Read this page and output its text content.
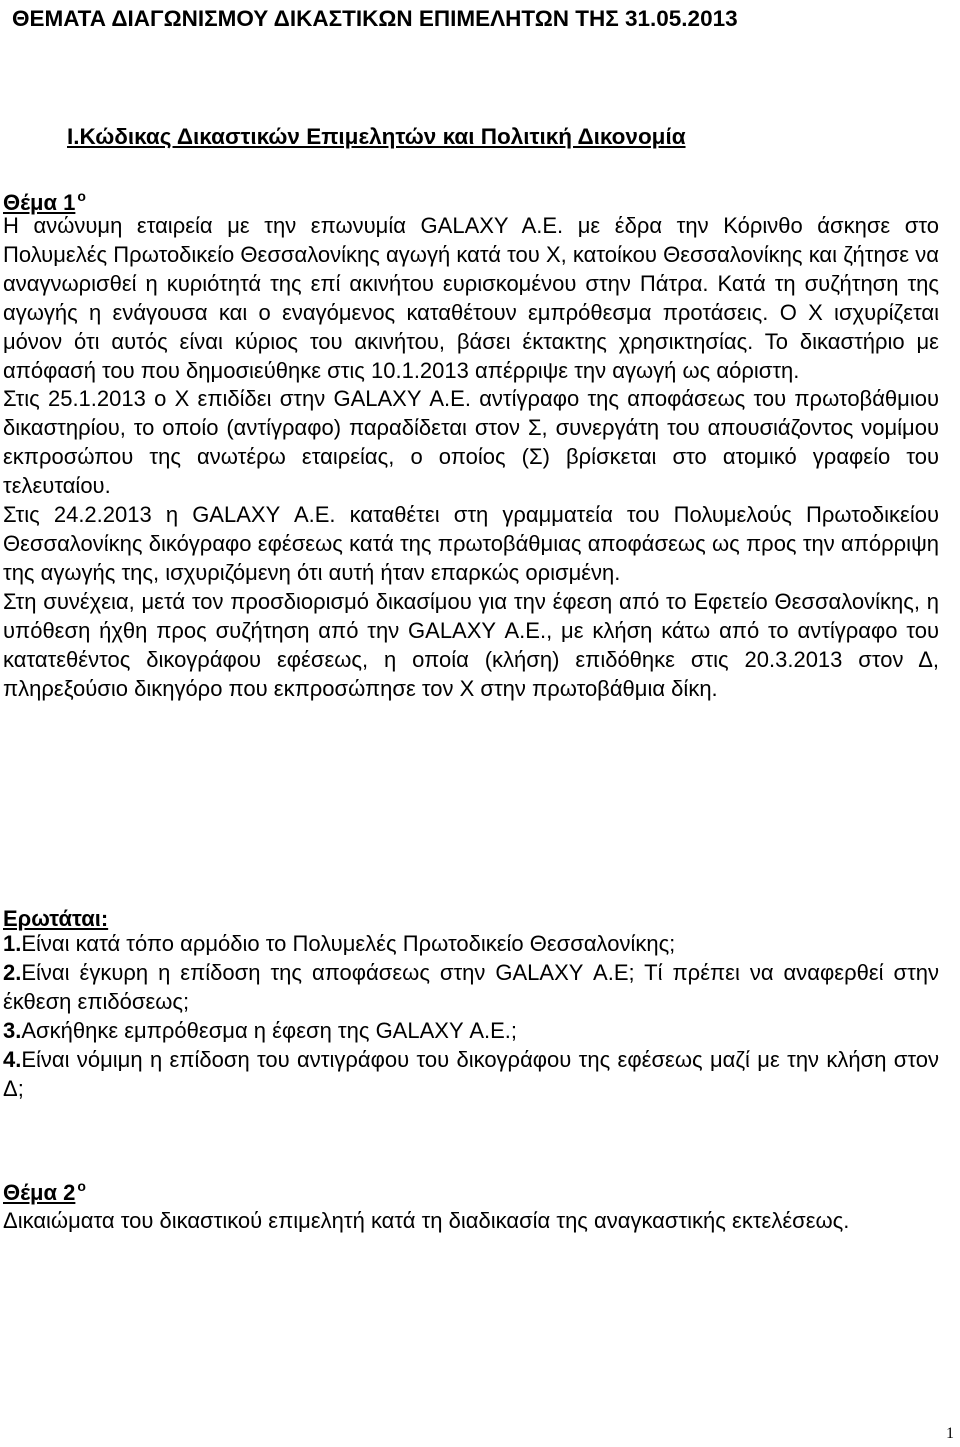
ΘΕΜΑΤΑ ΔΙΑΓΩΝΙΣΜΟΥ ΔΙΚΑΣΤΙΚΩΝ ΕΠΙΜΕΛΗΤΩΝ ΤΗΣ 31.05.2013
I.Κώδικας Δικαστικών Επιμελητών και Πολιτική Δικονομία
Θέμα 1 $^o$

Η ανώνυμη εταιρεία με την επωνυμία GALAXY A.E. με έδρα την Κόρινθο άσκησε στο Πολυμελές Πρωτοδικείο Θεσσαλονίκης αγωγή κατά του Χ, κατοίκου Θεσσαλονίκης και ζήτησε να αναγνωρισθεί η κυριότητά της επί ακινήτου ευρισκομένου στην Πάτρα. Κατά τη συζήτηση της αγωγής η ενάγουσα και ο εναγόμενος καταθέτουν εμπρόθεσμα προτάσεις. Ο Χ ισχυρίζεται μόνον ότι αυτός είναι κύριος του ακινήτου, βάσει έκτακτης χρησικτησίας. Το δικαστήριο με απόφασή του που δημοσιεύθηκε στις 10.1.2013 απέρριψε την αγωγή ως αόριστη.

Στις 25.1.2013 ο Χ επιδίδει στην GALAXY Α.Ε. αντίγραφο της αποφάσεως του πρωτοβάθμιου δικαστηρίου, το οποίο (αντίγραφο) παραδίδεται στον Σ, συνεργάτη του απουσιάζοντος νομίμου εκπροσώπου της ανωτέρω εταιρείας, ο οποίος (Σ) βρίσκεται στο ατομικό γραφείο του τελευταίου.

Στις 24.2.2013 η GALAXY Α.Ε. καταθέτει στη γραμματεία του Πολυμελούς Πρωτοδικείου Θεσσαλονίκης δικόγραφο εφέσεως κατά της πρωτοβάθμιας αποφάσεως ως προς την απόρριψη της αγωγής της, ισχυριζόμενη ότι αυτή ήταν επαρκώς ορισμένη.

Στη συνέχεια, μετά τον προσδιορισμό δικασίμου για την έφεση από το Εφετείο Θεσσαλονίκης, η υπόθεση ήχθη προς συζήτηση από την GALAXY Α.Ε., με κλήση κάτω από το αντίγραφο του κατατεθέντος δικογράφου εφέσεως, η οποία (κλήση) επιδόθηκε στις 20.3.2013 στον Δ, πληρεξούσιο δικηγόρο που εκπροσώπησε τον Χ στην πρωτοβάθμια δίκη.

Ερωτάται:

1.Είναι κατά τόπο αρμόδιο το Πολυμελές Πρωτοδικείο Θεσσαλονίκης;

2.Είναι έγκυρη η επίδοση της αποφάσεως στην GALAXY Α.Ε; Τί πρέπει να αναφερθεί στην έκθεση επιδόσεως;

3.Ασκήθηκε εμπρόθεσμα η έφεση της GALAXY Α.Ε.;

4.Είναι νόμιμη η επίδοση του αντιγράφου του δικογράφου της εφέσεως μαζί με την κλήση στον Δ;

Θέμα 2 $^o$

Δικαιώματα του δικαστικού επιμελητή κατά τη διαδικασία της αναγκαστικής εκτελέσεως.

1
